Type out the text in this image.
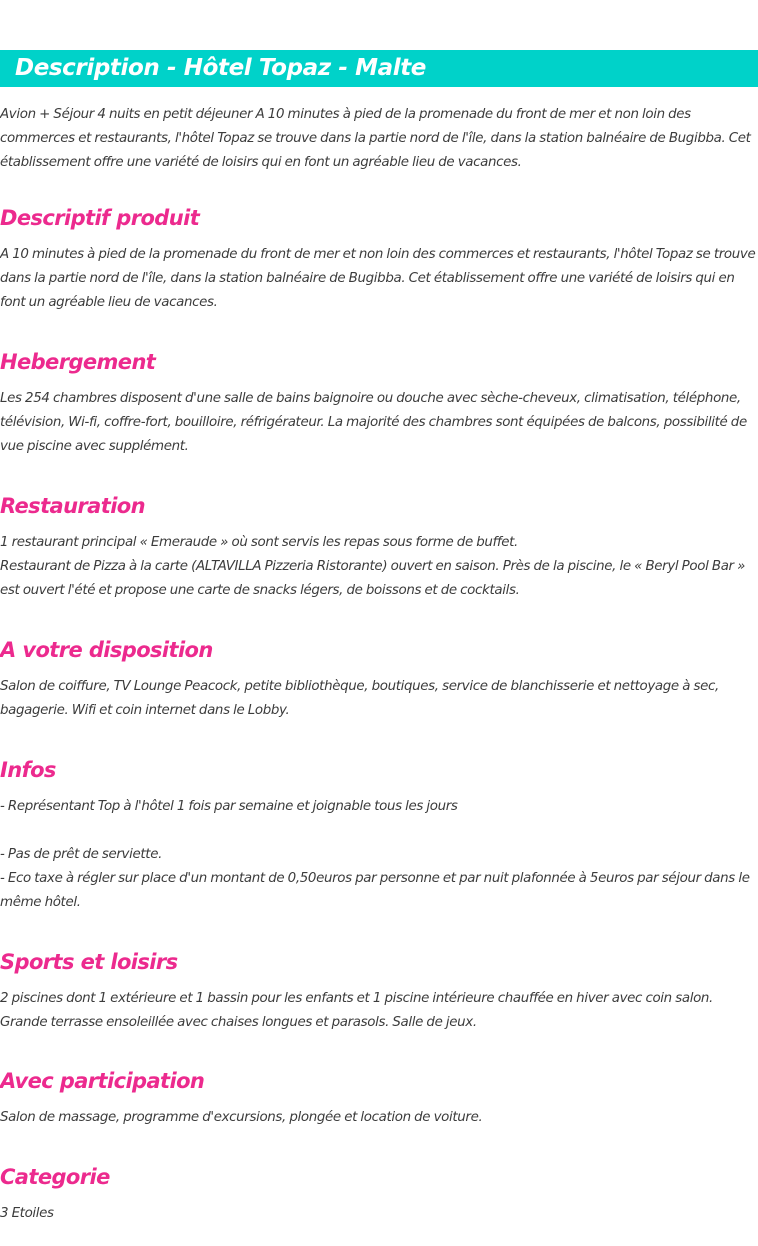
Description - Hôtel Topaz - Malte

Avion + Séjour 4 nuits en petit déjeuner A 10 minutes à pied de la promenade du front de mer et non loin des commerces et restaurants, l'hôtel Topaz se trouve dans la partie nord de l'île, dans la station balnéaire de Bugibba. Cet établissement offre une variété de loisirs qui en font un agréable lieu de vacances.

Descriptif produit

A 10 minutes à pied de la promenade du front de mer et non loin des commerces et restaurants, l'hôtel Topaz se trouve dans la partie nord de l'île, dans la station balnéaire de Bugibba. Cet établissement offre une variété de loisirs qui en font un agréable lieu de vacances.

Hebergement

Les 254 chambres disposent d'une salle de bains baignoire ou douche avec sèche-cheveux, climatisation, téléphone, télévision, Wi-fi, coffre-fort, bouilloire, réfrigérateur. La majorité des chambres sont équipées de balcons, possibilité de vue piscine avec supplément.

Restauration

1 restaurant principal « Emeraude » où sont servis les repas sous forme de buffet.
Restaurant de Pizza à la carte (ALTAVILLA Pizzeria Ristorante) ouvert en saison. Près de la piscine, le « Beryl Pool Bar » est ouvert l'été et propose une carte de snacks légers, de boissons et de cocktails.

A votre disposition

Salon de coiffure, TV Lounge Peacock, petite bibliothèque, boutiques, service de blanchisserie et nettoyage à sec, bagagerie. Wifi et coin internet dans le Lobby.

Infos

- Représentant Top à l'hôtel 1 fois par semaine et joignable tous les jours
- Pas de prêt de serviette.
- Eco taxe à régler sur place d'un montant de 0,50euros par personne et par nuit plafonnée à 5euros par séjour dans le même hôtel.

Sports et loisirs

2 piscines dont 1 extérieure et 1 bassin pour les enfants et 1 piscine intérieure chauffée en hiver avec coin salon. Grande terrasse ensoleillée avec chaises longues et parasols. Salle de jeux.

Avec participation

Salon de massage, programme d'excursions, plongée et location de voiture.

Categorie

3 Etoiles
